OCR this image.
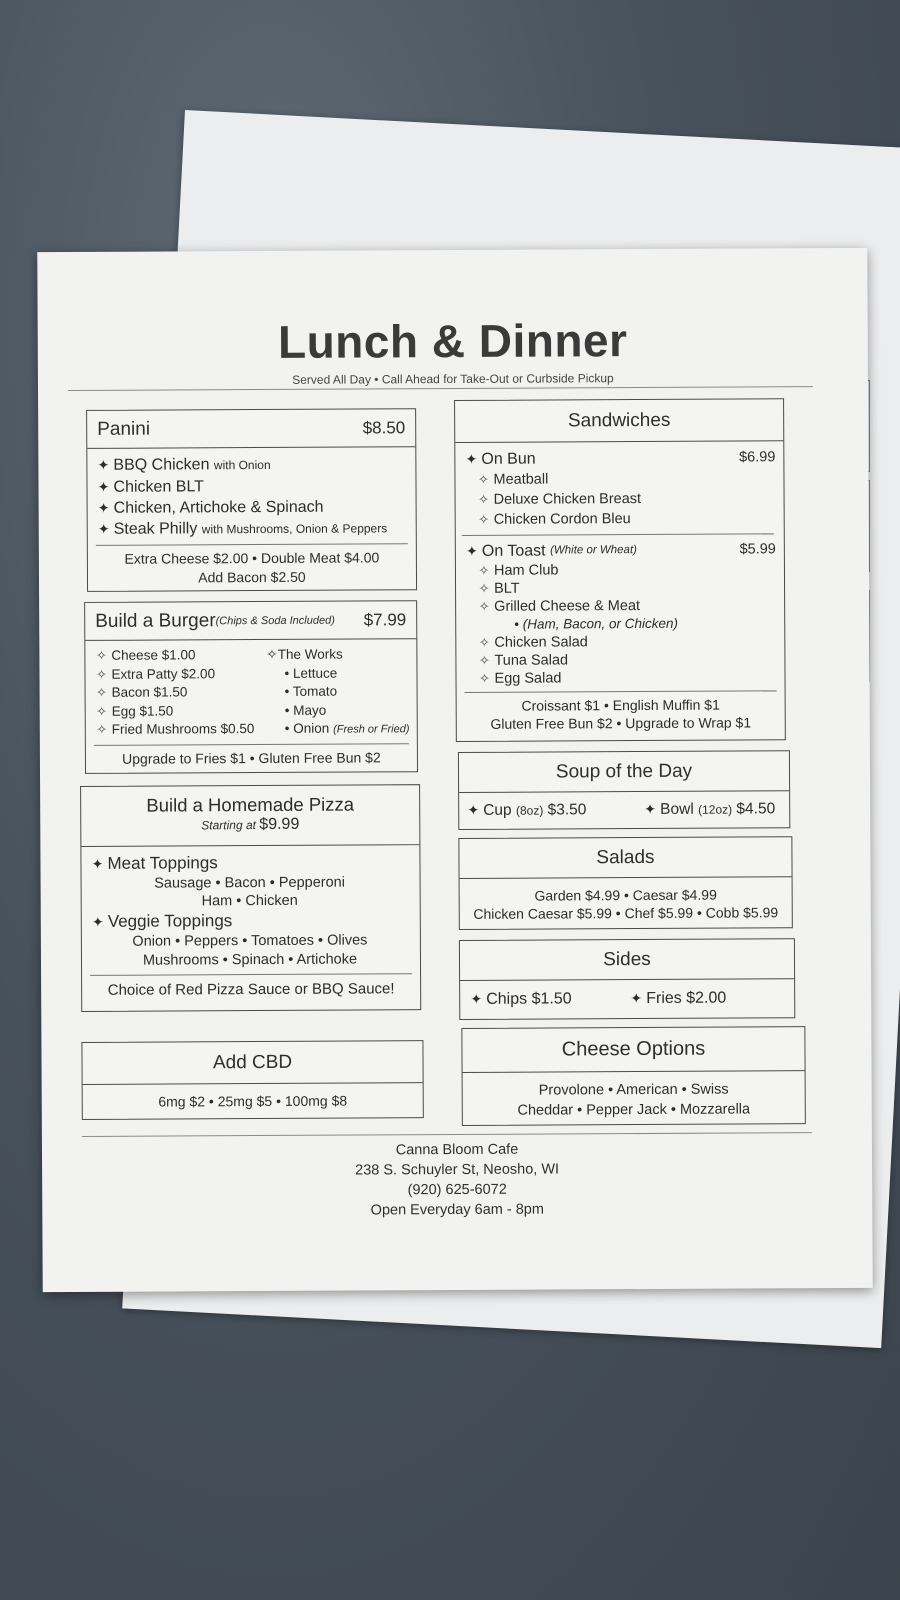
Lunch & Dinner
Served All Day • Call Ahead for Take-Out or Curbside Pickup
Panini	$8.50
✦ BBQ Chicken with Onion
✦ Chicken BLT
✦ Chicken, Artichoke & Spinach
✦ Steak Philly with Mushrooms, Onion & Peppers
Extra Cheese $2.00 • Double Meat $4.00
Add Bacon $2.50
Build a Burger (Chips & Soda Included) $7.99
✧ Cheese $1.00
✧ Extra Patty $2.00
✧ Bacon $1.50
✧ Egg $1.50
✧ Fried Mushrooms $0.50
✧The Works
• Lettuce
• Tomato
• Mayo
• Onion (Fresh or Fried)
Upgrade to Fries $1 • Gluten Free Bun $2
Build a Homemade Pizza
Starting at $9.99
✦ Meat Toppings
Sausage • Bacon • Pepperoni
Ham • Chicken
✦ Veggie Toppings
Onion • Peppers • Tomatoes • Olives
Mushrooms • Spinach • Artichoke
Choice of Red Pizza Sauce or BBQ Sauce!
Add CBD
6mg $2 • 25mg $5 • 100mg $8
Sandwiches
✦ On Bun	$6.99
✧ Meatball
✧ Deluxe Chicken Breast
✧ Chicken Cordon Bleu
✦ On Toast
(White or Wheat)	$5.99
✧ Ham Club
✧ BLT
✧ Grilled Cheese & Meat
• (Ham, Bacon, or Chicken)
✧ Chicken Salad
✧ Tuna Salad
✧ Egg Salad
Croissant $1 • English Muffin $1
Gluten Free Bun $2 • Upgrade to Wrap $1
Soup of the Day
✦ Cup (8oz) $3.50	✦ Bowl (12oz) $4.50
Salads
Garden $4.99 • Caesar $4.99
Chicken Caesar $5.99 • Chef $5.99 • Cobb $5.99
Sides
✦ Chips $1.50	✦ Fries $2.00
Cheese Options
Provolone • American • Swiss
Cheddar • Pepper Jack • Mozzarella
Canna Bloom Cafe
238 S. Schuyler St, Neosho, WI
(920) 625-6072
Open Everyday 6am - 8pm
